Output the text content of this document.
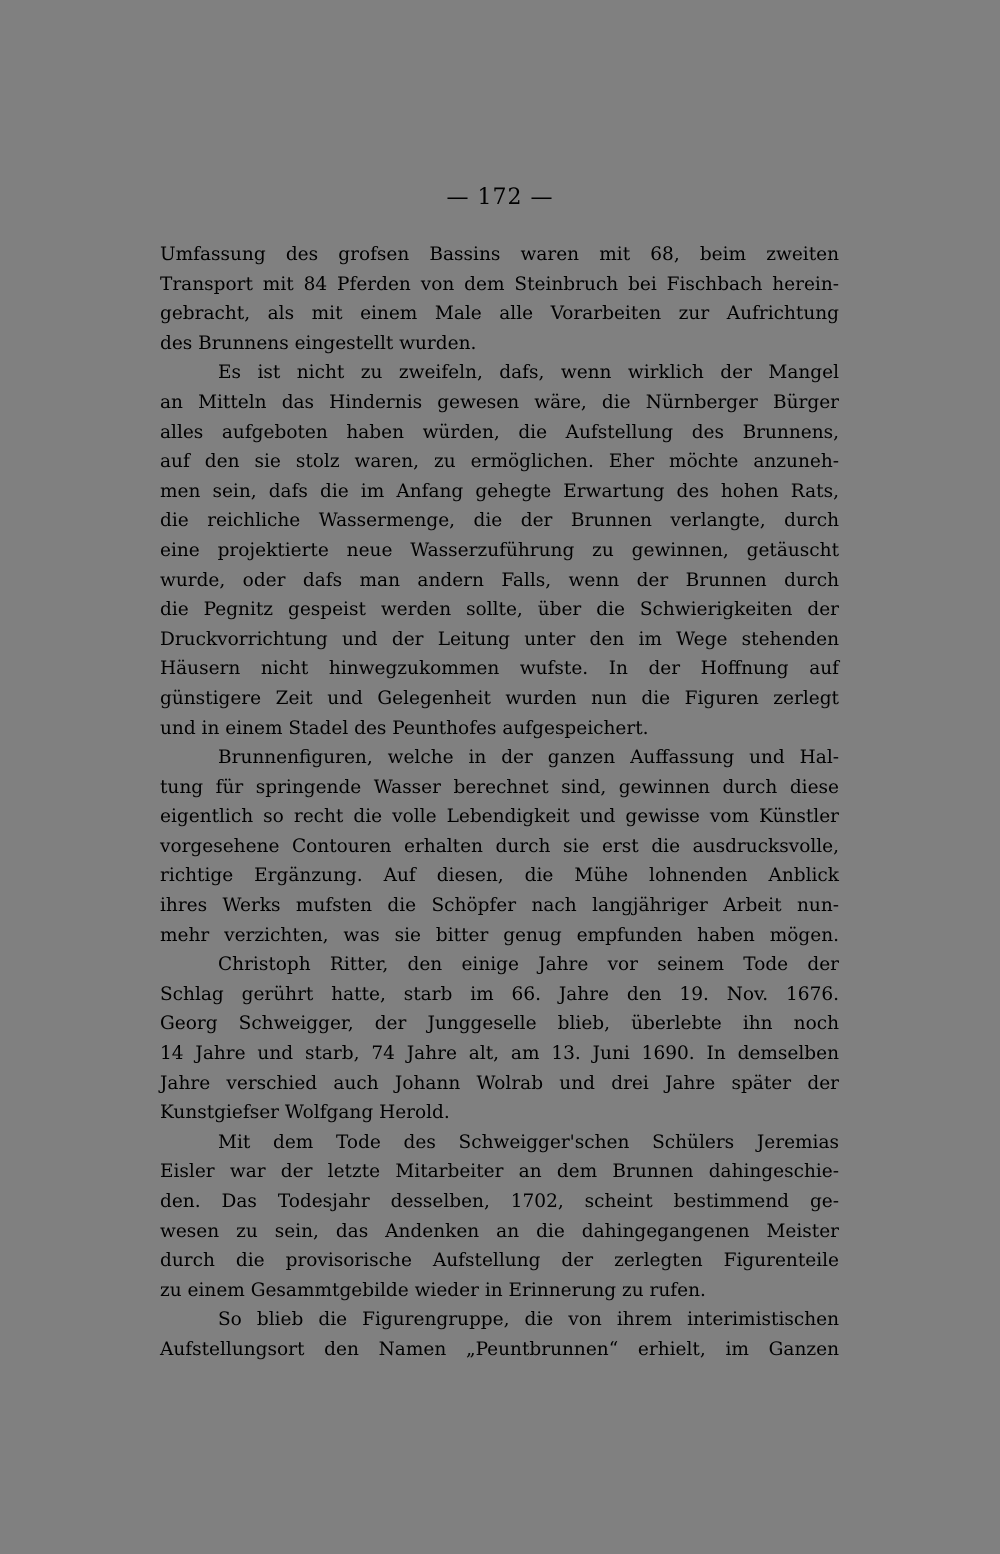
— 172 —
Umfassung des grofsen Bassins waren mit 68, beim zweiten
Transport mit 84 Pferden von dem Steinbruch bei Fischbach herein-
gebracht, als mit einem Male alle Vorarbeiten zur Aufrichtung
des Brunnens eingestellt wurden.
Es ist nicht zu zweifeln, dafs, wenn wirklich der Mangel
an Mitteln das Hindernis gewesen wäre, die Nürnberger Bürger
alles aufgeboten haben würden, die Aufstellung des Brunnens,
auf den sie stolz waren, zu ermöglichen. Eher möchte anzuneh-
men sein, dafs die im Anfang gehegte Erwartung des hohen Rats,
die reichliche Wassermenge, die der Brunnen verlangte, durch
eine projektierte neue Wasserzuführung zu gewinnen, getäuscht
wurde, oder dafs man andern Falls, wenn der Brunnen durch
die Pegnitz gespeist werden sollte, über die Schwierigkeiten der
Druckvorrichtung und der Leitung unter den im Wege stehenden
Häusern nicht hinwegzukommen wufste. In der Hoffnung auf
günstigere Zeit und Gelegenheit wurden nun die Figuren zerlegt
und in einem Stadel des Peunthofes aufgespeichert.
Brunnenfiguren, welche in der ganzen Auffassung und Hal-
tung für springende Wasser berechnet sind, gewinnen durch diese
eigentlich so recht die volle Lebendigkeit und gewisse vom Künstler
vorgesehene Contouren erhalten durch sie erst die ausdrucksvolle,
richtige Ergänzung. Auf diesen, die Mühe lohnenden Anblick
ihres Werks mufsten die Schöpfer nach langjähriger Arbeit nun-
mehr verzichten, was sie bitter genug empfunden haben mögen.
Christoph Ritter, den einige Jahre vor seinem Tode der
Schlag gerührt hatte, starb im 66. Jahre den 19. Nov. 1676.
Georg Schweigger, der Junggeselle blieb, überlebte ihn noch
14 Jahre und starb, 74 Jahre alt, am 13. Juni 1690. In demselben
Jahre verschied auch Johann Wolrab und drei Jahre später der
Kunstgiefser Wolfgang Herold.
Mit dem Tode des Schweigger'schen Schülers Jeremias
Eisler war der letzte Mitarbeiter an dem Brunnen dahingeschie-
den. Das Todesjahr desselben, 1702, scheint bestimmend ge-
wesen zu sein, das Andenken an die dahingegangenen Meister
durch die provisorische Aufstellung der zerlegten Figurenteile
zu einem Gesammtgebilde wieder in Erinnerung zu rufen.
So blieb die Figurengruppe, die von ihrem interimistischen
Aufstellungsort den Namen „Peuntbrunnen“ erhielt, im Ganzen
